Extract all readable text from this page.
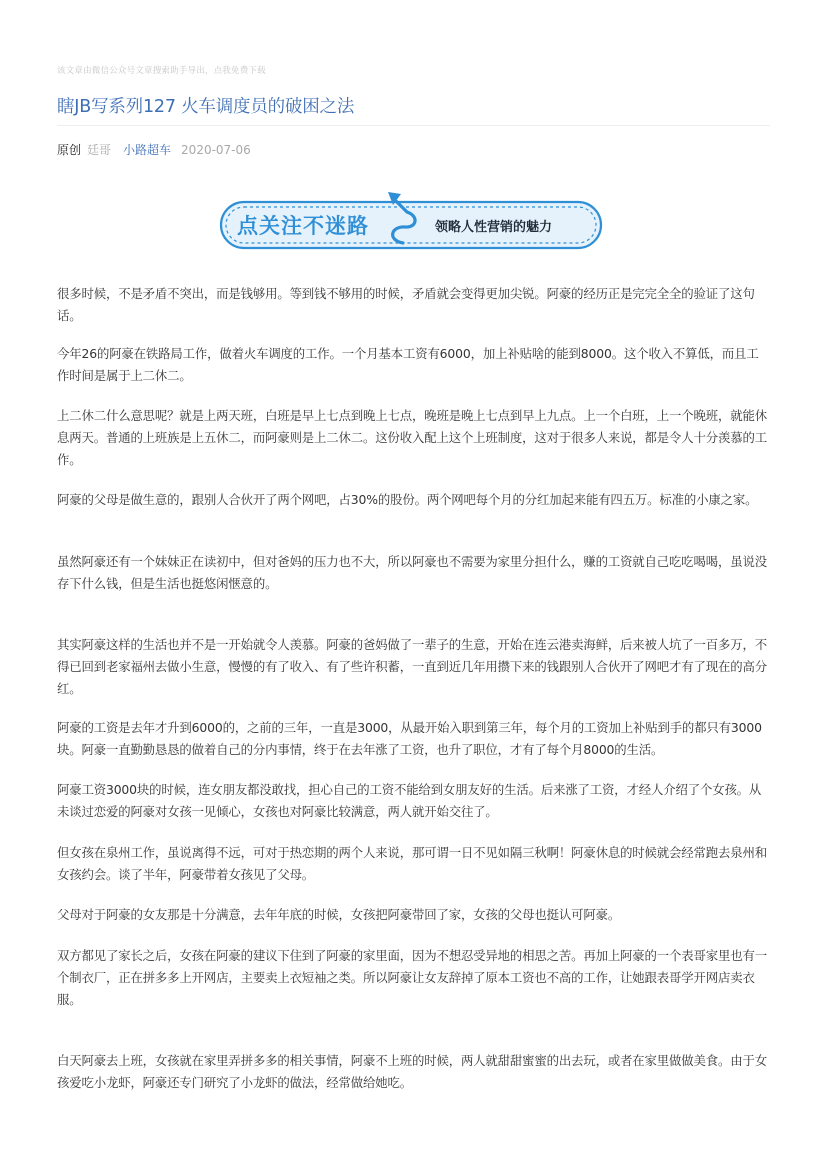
该文章由微信公众号文章搜索助手导出，点我免费下载
瞎JB写系列127 火车调度员的破困之法
原创 廷哥 小路超车 2020-07-06
点关注不迷路	领略人性营销的魅力

很多时候，不是矛盾不突出，而是钱够用。等到钱不够用的时候，矛盾就会变得更加尖锐。阿豪的经历正是完完全全的验证了这句话。

今年26的阿豪在铁路局工作，做着火车调度的工作。一个月基本工资有6000，加上补贴啥的能到8000。这个收入不算低，而且工作时间是属于上二休二。

上二休二什么意思呢？就是上两天班，白班是早上七点到晚上七点，晚班是晚上七点到早上九点。上一个白班，上一个晚班，就能休息两天。普通的上班族是上五休二，而阿豪则是上二休二。这份收入配上这个上班制度，这对于很多人来说，都是令人十分羡慕的工作。

阿豪的父母是做生意的，跟别人合伙开了两个网吧，占30%的股份。两个网吧每个月的分红加起来能有四五万。标准的小康之家。

虽然阿豪还有一个妹妹正在读初中，但对爸妈的压力也不大，所以阿豪也不需要为家里分担什么，赚的工资就自己吃吃喝喝，虽说没存下什么钱，但是生活也挺悠闲惬意的。

其实阿豪这样的生活也并不是一开始就令人羡慕。阿豪的爸妈做了一辈子的生意，开始在连云港卖海鲜，后来被人坑了一百多万，不得已回到老家福州去做小生意，慢慢的有了收入、有了些许积蓄，一直到近几年用攒下来的钱跟别人合伙开了网吧才有了现在的高分红。

阿豪的工资是去年才升到6000的，之前的三年，一直是3000，从最开始入职到第三年，每个月的工资加上补贴到手的都只有3000块。阿豪一直勤勤恳恳的做着自己的分内事情，终于在去年涨了工资，也升了职位，才有了每个月8000的生活。

阿豪工资3000块的时候，连女朋友都没敢找，担心自己的工资不能给到女朋友好的生活。后来涨了工资，才经人介绍了个女孩。从未谈过恋爱的阿豪对女孩一见倾心，女孩也对阿豪比较满意，两人就开始交往了。

但女孩在泉州工作，虽说离得不远，可对于热恋期的两个人来说，那可谓一日不见如隔三秋啊！阿豪休息的时候就会经常跑去泉州和女孩约会。谈了半年，阿豪带着女孩见了父母。

父母对于阿豪的女友那是十分满意，去年年底的时候，女孩把阿豪带回了家，女孩的父母也挺认可阿豪。

双方都见了家长之后，女孩在阿豪的建议下住到了阿豪的家里面，因为不想忍受异地的相思之苦。再加上阿豪的一个表哥家里也有一个制衣厂，正在拼多多上开网店，主要卖上衣短袖之类。所以阿豪让女友辞掉了原本工资也不高的工作，让她跟表哥学开网店卖衣服。

白天阿豪去上班，女孩就在家里弄拼多多的相关事情，阿豪不上班的时候，两人就甜甜蜜蜜的出去玩，或者在家里做做美食。由于女孩爱吃小龙虾，阿豪还专门研究了小龙虾的做法，经常做给她吃。
